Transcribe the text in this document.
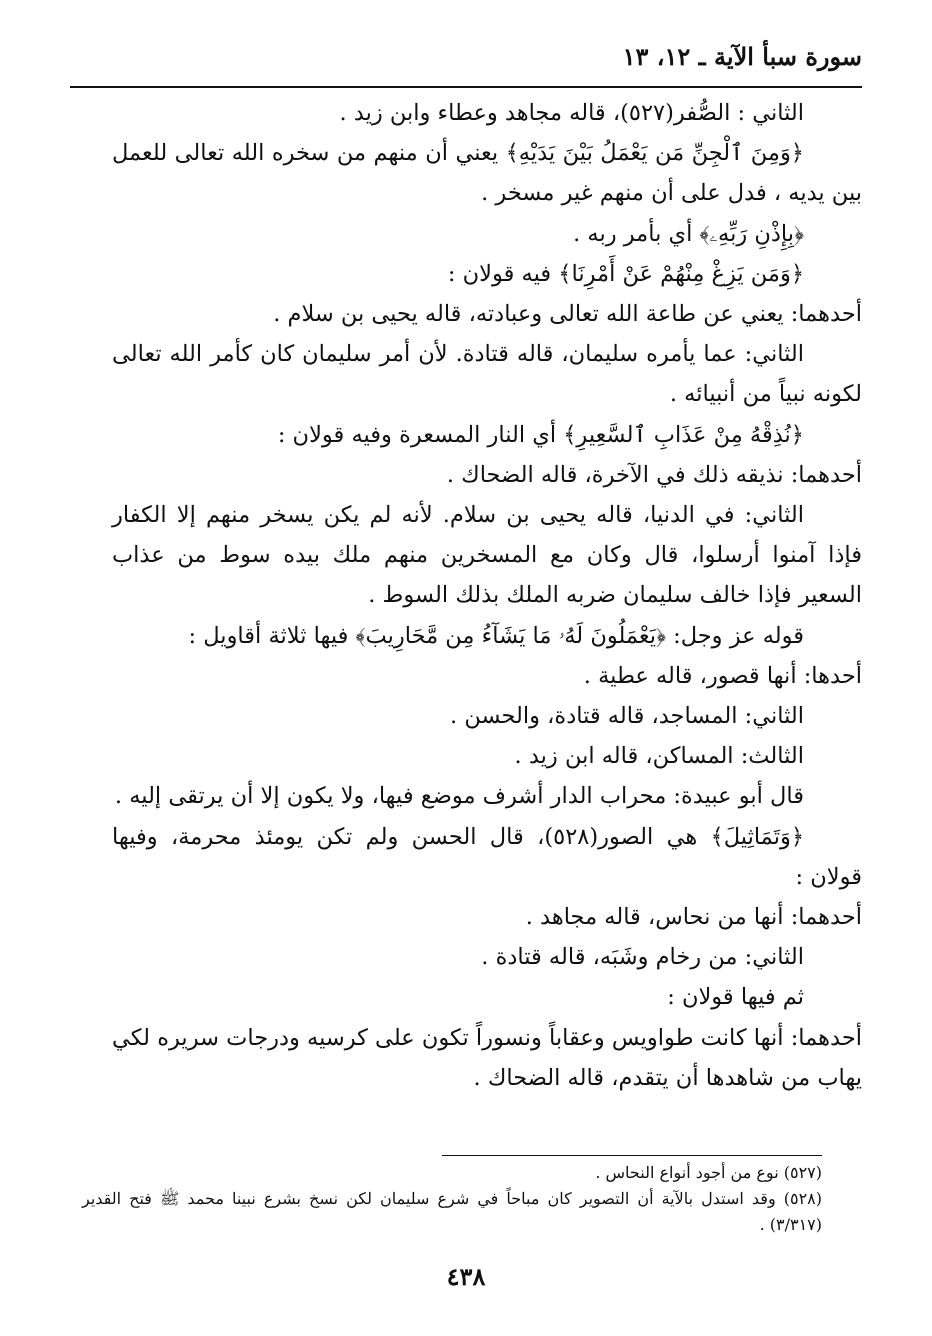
سورة سبأ الآية ـ ١٢، ١٣

الثاني : الصُّفر(٥٢٧)، قاله مجاهد وعطاء وابن زيد .

﴿وَمِنَ ٱلْجِنِّ مَن يَعْمَلُ بَيْنَ يَدَيْهِ﴾ يعني أن منهم من سخره الله تعالى للعمل بين يديه ، فدل على أن منهم غير مسخر .

﴿بِإِذْنِ رَبِّهِۦ﴾ أي بأمر ربه .

﴿وَمَن يَزِغْ مِنْهُمْ عَنْ أَمْرِنَا﴾ فيه قولان :

أحدهما: يعني عن طاعة الله تعالى وعبادته، قاله يحيى بن سلام .

الثاني: عما يأمره سليمان، قاله قتادة. لأن أمر سليمان كان كأمر الله تعالى لكونه نبياً من أنبيائه .

﴿نُذِقْهُ مِنْ عَذَابِ ٱلسَّعِيرِ﴾ أي النار المسعرة وفيه قولان :

أحدهما: نذيقه ذلك في الآخرة، قاله الضحاك .

الثاني: في الدنيا، قاله يحيى بن سلام. لأنه لم يكن يسخر منهم إلا الكفار فإذا آمنوا أرسلوا، قال وكان مع المسخرين منهم ملك بيده سوط من عذاب السعير فإذا خالف سليمان ضربه الملك بذلك السوط .

قوله عز وجل: ﴿يَعْمَلُونَ لَهُۥ مَا يَشَآءُ مِن مَّحَارِيبَ﴾ فيها ثلاثة أقاويل :

أحدها: أنها قصور، قاله عطية .

الثاني: المساجد، قاله قتادة، والحسن .

الثالث: المساكن، قاله ابن زيد .

قال أبو عبيدة: محراب الدار أشرف موضع فيها، ولا يكون إلا أن يرتقى إليه .

﴿وَتَمَاثِيلَ﴾ هي الصور(٥٢٨)، قال الحسن ولم تكن يومئذ محرمة، وفيها قولان :

أحدهما: أنها من نحاس، قاله مجاهد .

الثاني: من رخام وشَبَه، قاله قتادة .

ثم فيها قولان :

أحدهما: أنها كانت طواويس وعقاباً ونسوراً تكون على كرسيه ودرجات سريره لكي يهاب من شاهدها أن يتقدم، قاله الضحاك .

(٥٢٧) نوع من أجود أنواع النحاس .

(٥٢٨) وقد استدل بالآية أن التصوير كان مباحاً في شرع سليمان لكن نسخ بشرع نبينا محمد ﷺ فتح القدير (٣/٣١٧) .

٤٣٨
